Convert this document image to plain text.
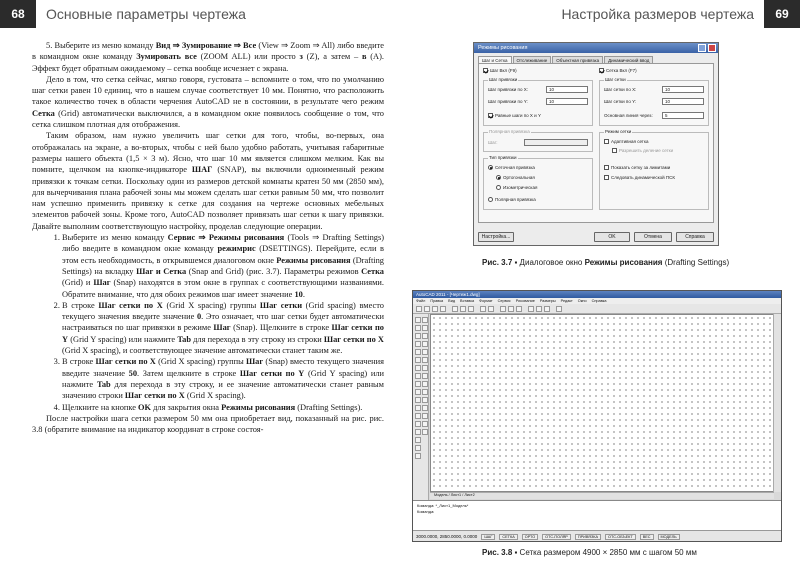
68	Основные параметры чертежа	Настройка размеров чертежа	69

5. Выберите из меню команду Вид ⇒ Зумирование ⇒ Все (View ⇒ Zoom ⇒ All) либо введите в командном окне команду Зумировать все (ZOOM ALL) или просто з (Z), а затем – в (A). Эффект будет обратным ожидаемому – сетка вообще исчезнет с экрана.

Дело в том, что сетка сейчас, мягко говоря, густовата – вспомните о том, что по умолчанию шаг сетки равен 10 единиц, что в нашем случае соответствует 10 мм. Понятно, что расположить такое количество точек в области черчения AutoCAD не в состоянии, в результате чего режим Сетка (Grid) автоматически выключился, а в командном окне появилось сообщение о том, что сетка слишком плотная для отображения.

Таким образом, нам нужно увеличить шаг сетки для того, чтобы, во-первых, она отображалась на экране, а во-вторых, чтобы с ней было удобно работать, учитывая габаритные размеры нашего объекта (1,5 × 3 м). Ясно, что шаг 10 мм является слишком мелким. Как вы помните, щелчком на кнопке-индикаторе ШАГ (SNAP), вы включили одноименный режим привязки к точкам сетки. Поскольку один из размеров детской комнаты кратен 50 мм (2850 мм), для вычерчивания плана рабочей зоны мы можем сделать шаг сетки равным 50 мм, что позволит нам успешно применить привязку к сетке для создания на чертеже основных мебельных элементов рабочей зоны. Кроме того, AutoCAD позволяет привязать шаг сетки к шагу привязки. Давайте выполним соответствующую настройку, проделав следующие операции.

1. Выберите из меню команду Сервис ⇒ Режимы рисования (Tools ⇒ Drafting Settings) либо введите в командном окне команду режимрис (DSETTINGS). Перейдите, если в этом есть необходимость, в открывшемся диалоговом окне Режимы рисования (Drafting Settings) на вкладку Шаг и Сетка (Snap and Grid) (рис. 3.7). Параметры режимов Сетка (Grid) и Шаг (Snap) находятся в этом окне в группах с соответствующими названиями. Обратите внимание, что для обоих режимов шаг имеет значение 10.
2. В строке Шаг сетки по X (Grid X spacing) группы Шаг сетки (Grid spacing) вместо текущего значения введите значение 0. Это означает, что шаг сетки будет автоматически настраиваться по шаг привязки в режиме Шаг (Snap). Щелкните в строке Шаг сетки по Y (Grid Y spacing) или нажмите Tab для перехода в эту строку из строки Шаг сетки по X (Grid X spacing), и соответствующее значение автоматически станет таким же.
3. В строке Шаг сетки по X (Grid X spacing) группы Шаг (Snap) вместо текущего значения введите значение 50. Затем щелкните в строке Шаг сетки по Y (Grid Y spacing) или нажмите Tab для перехода в эту строку, и ее значение автоматически станет равным значению строки Шаг сетки по X (Grid X spacing).
4. Щелкните на кнопке OK для закрытия окна Режимы рисования (Drafting Settings).

После настройки шага сетки размером 50 мм она приобретает вид, показанный на рис. рис. 3.8 (обратите внимание на индикатор координат в строке состоя-

Режимы рисования
Шаг и Сетка	Отслеживание	Объектная привязка	Динамический ввод
Шаг Вкл (F9)	Сетка Вкл (F7)
Шаг привязки
Шаг привязки по X:	10
Шаг привязки по Y:	10
Равные шаги по X и Y
Шаг сетки
Шаг сетки по X:	10
Шаг сетки по Y:	10
Основная линия через:	5
Полярная привязка
Шаг:
Тип привязки
Сеточная привязка
Ортогональная
Изометрическая
Полярная привязка
Режим сетки
Адаптивная сетка
Разрешить деление сетки
Показать сетку за лимитами
Следовать динамической ПСК
Настройка...	OK	Отмена	Справка
Рис. 3.7 ▪ Диалоговое окно Режимы рисования (Drafting Settings)
AutoCAD 2011 - [Чертеж1.dwg]
Файл Правка Вид Вставка Формат Сервис Рисование Размеры Редакт Окно Справка
Модель / Лист1 / Лист2
Команда: *_Лист1_Модель*
Команда:
3000.0000, 2850.0000, 0.0000	ШАГ	СЕТКА	ОРТО	ОТС-ПОЛЯР	ПРИВЯЗКА	ОТС-ОБЪЕКТ	ВЕС	МОДЕЛЬ
Рис. 3.8 ▪ Сетка размером 4900 × 2850 мм с шагом 50 мм
